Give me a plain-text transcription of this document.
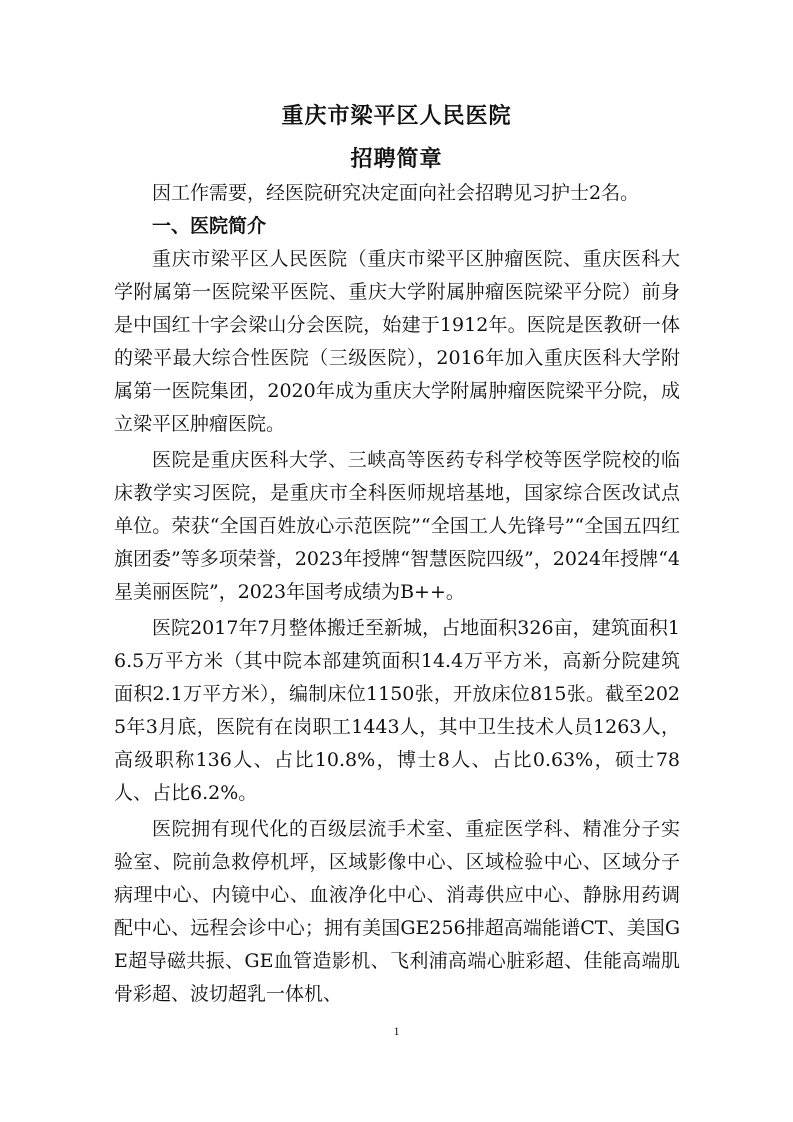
重庆市梁平区人民医院
招聘简章

因工作需要，经医院研究决定面向社会招聘见习护士2名。

一、医院简介

重庆市梁平区人民医院（重庆市梁平区肿瘤医院、重庆医科大学附属第一医院梁平医院、重庆大学附属肿瘤医院梁平分院）前身是中国红十字会梁山分会医院，始建于1912年。医院是医教研一体的梁平最大综合性医院（三级医院），2016年加入重庆医科大学附属第一医院集团，2020年成为重庆大学附属肿瘤医院梁平分院，成立梁平区肿瘤医院。

医院是重庆医科大学、三峡高等医药专科学校等医学院校的临床教学实习医院，是重庆市全科医师规培基地，国家综合医改试点单位。荣获“全国百姓放心示范医院”“全国工人先锋号”“全国五四红旗团委”等多项荣誉，2023年授牌“智慧医院四级”，2024年授牌“4星美丽医院”，2023年国考成绩为B++。

医院2017年7月整体搬迁至新城，占地面积326亩，建筑面积16.5万平方米（其中院本部建筑面积14.4万平方米，高新分院建筑面积2.1万平方米），编制床位1150张，开放床位815张。截至2025年3月底，医院有在岗职工1443人，其中卫生技术人员1263人，高级职称136人、占比10.8%，博士8人、占比0.63%，硕士78人、占比6.2%。

医院拥有现代化的百级层流手术室、重症医学科、精准分子实验室、院前急救停机坪，区域影像中心、区域检验中心、区域分子病理中心、内镜中心、血液净化中心、消毒供应中心、静脉用药调配中心、远程会诊中心；拥有美国GE256排超高端能谱CT、美国GE超导磁共振、GE血管造影机、飞利浦高端心脏彩超、佳能高端肌骨彩超、波切超乳一体机、

1
